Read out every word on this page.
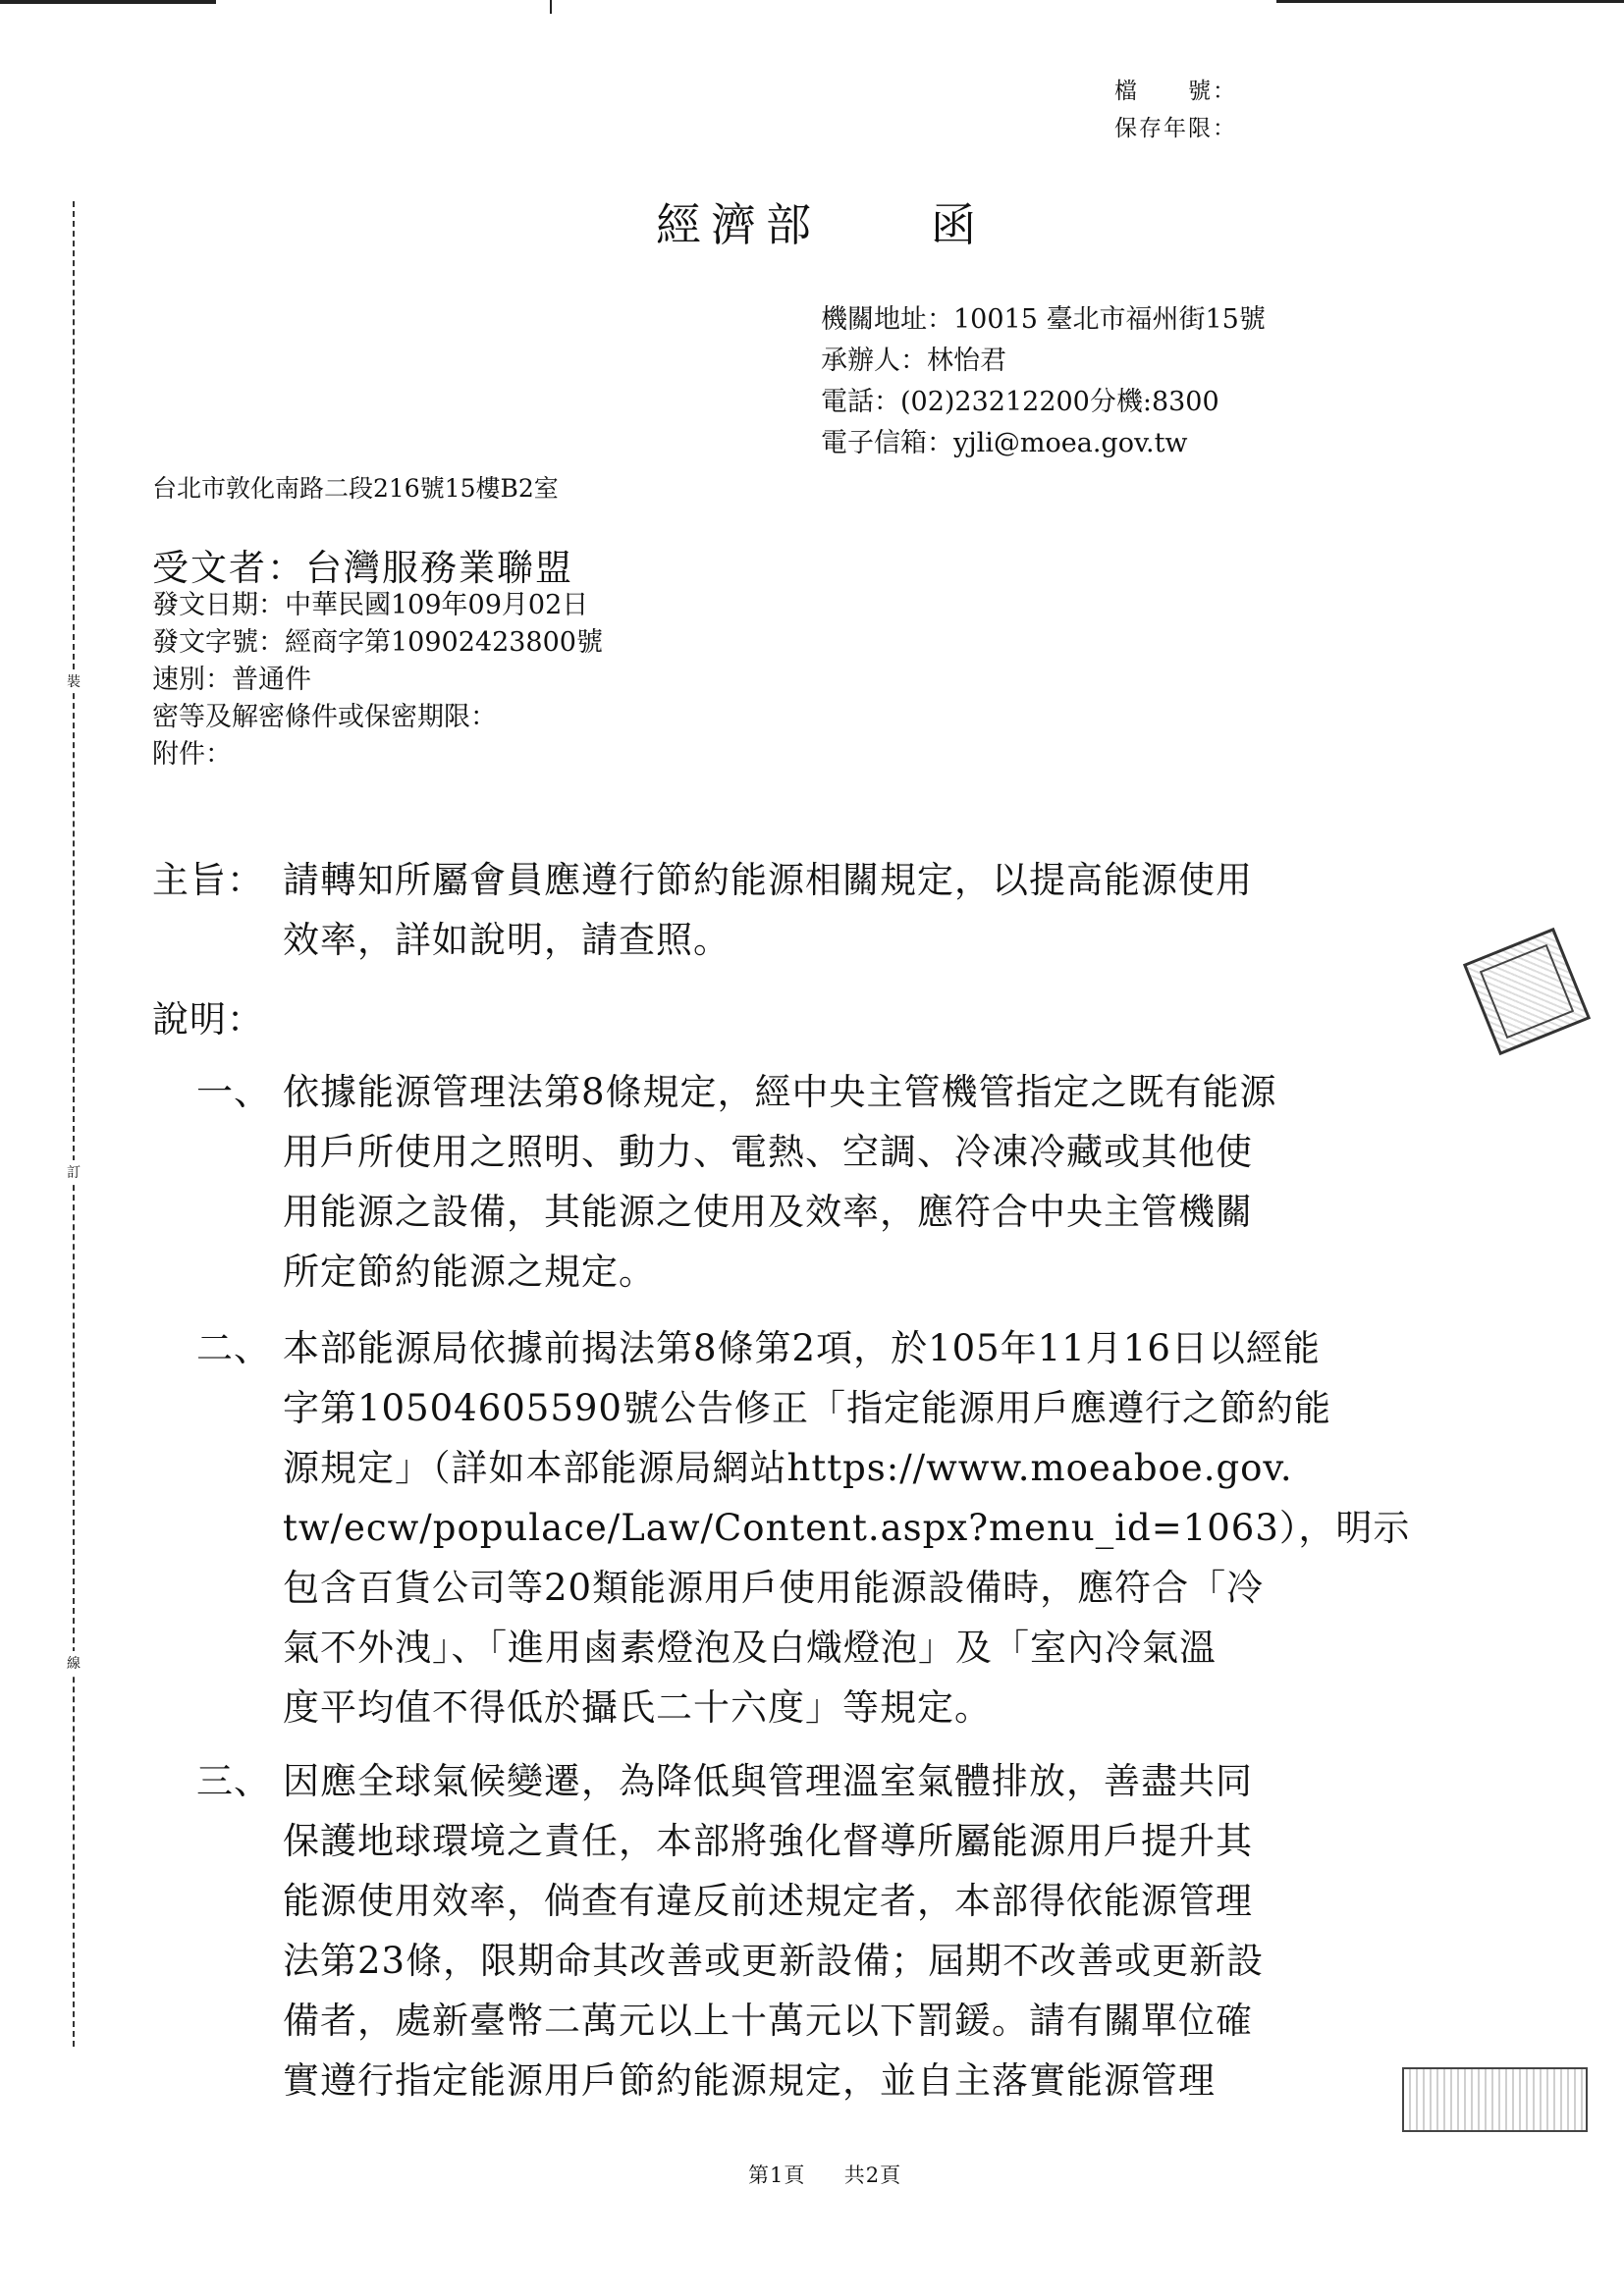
裝
訂
線
檔　　號：
保存年限：
經濟部　　函
機關地址：10015 臺北市福州街15號
承辦人：林怡君
電話：(02)23212200分機:8300
電子信箱：yjli@moea.gov.tw
台北市敦化南路二段216號15樓B2室
受文者：台灣服務業聯盟
發文日期：中華民國109年09月02日
發文字號：經商字第10902423800號
速別：普通件
密等及解密條件或保密期限：
附件：
主旨： 請轉知所屬會員應遵行節約能源相關規定，以提高能源使用
效率，詳如說明，請查照。
說明：
一、 依據能源管理法第8條規定，經中央主管機管指定之既有能源
用戶所使用之照明、動力、電熱、空調、冷凍冷藏或其他使
用能源之設備，其能源之使用及效率，應符合中央主管機關
所定節約能源之規定。
二、 本部能源局依據前揭法第8條第2項，於105年11月16日以經能
字第10504605590號公告修正「指定能源用戶應遵行之節約能
源規定」（詳如本部能源局網站https://www.moeaboe.gov.
tw/ecw/populace/Law/Content.aspx?menu_id=1063），明示
包含百貨公司等20類能源用戶使用能源設備時，應符合「冷
氣不外洩」、「進用鹵素燈泡及白熾燈泡」及「室內冷氣溫
度平均值不得低於攝氏二十六度」等規定。
三、 因應全球氣候變遷，為降低與管理溫室氣體排放，善盡共同
保護地球環境之責任，本部將強化督導所屬能源用戶提升其
能源使用效率，倘查有違反前述規定者，本部得依能源管理
法第23條，限期命其改善或更新設備；屆期不改善或更新設
備者，處新臺幣二萬元以上十萬元以下罰鍰。請有關單位確
實遵行指定能源用戶節約能源規定，並自主落實能源管理
第1頁 共2頁
